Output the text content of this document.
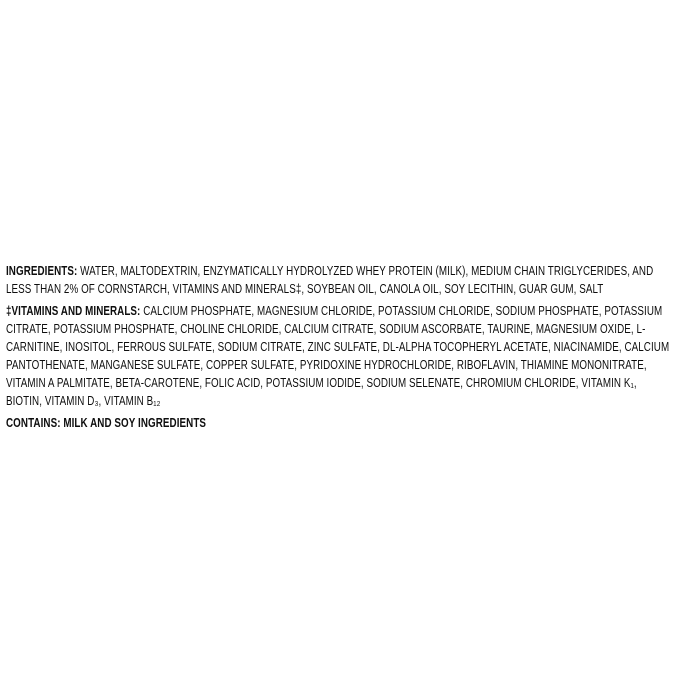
INGREDIENTS: WATER, MALTODEXTRIN, ENZYMATICALLY HYDROLYZED WHEY PROTEIN (MILK), MEDIUM CHAIN TRIGLYCERIDES, AND LESS THAN 2% OF CORNSTARCH, VITAMINS AND MINERALS‡, SOYBEAN OIL, CANOLA OIL, SOY LECITHIN, GUAR GUM, SALT

‡VITAMINS AND MINERALS: CALCIUM PHOSPHATE, MAGNESIUM CHLORIDE, POTASSIUM CHLORIDE, SODIUM PHOSPHATE, POTASSIUM CITRATE, POTASSIUM PHOSPHATE, CHOLINE CHLORIDE, CALCIUM CITRATE, SODIUM ASCORBATE, TAURINE, MAGNESIUM OXIDE, L-CARNITINE, INOSITOL, FERROUS SULFATE, SODIUM CITRATE, ZINC SULFATE, DL-ALPHA TOCOPHERYL ACETATE, NIACINAMIDE, CALCIUM PANTOTHENATE, MANGANESE SULFATE, COPPER SULFATE, PYRIDOXINE HYDROCHLORIDE, RIBOFLAVIN, THIAMINE MONONITRATE, VITAMIN A PALMITATE, BETA-CAROTENE, FOLIC ACID, POTASSIUM IODIDE, SODIUM SELENATE, CHROMIUM CHLORIDE, VITAMIN K₁, BIOTIN, VITAMIN D₃, VITAMIN B₁₂

CONTAINS: MILK AND SOY INGREDIENTS
